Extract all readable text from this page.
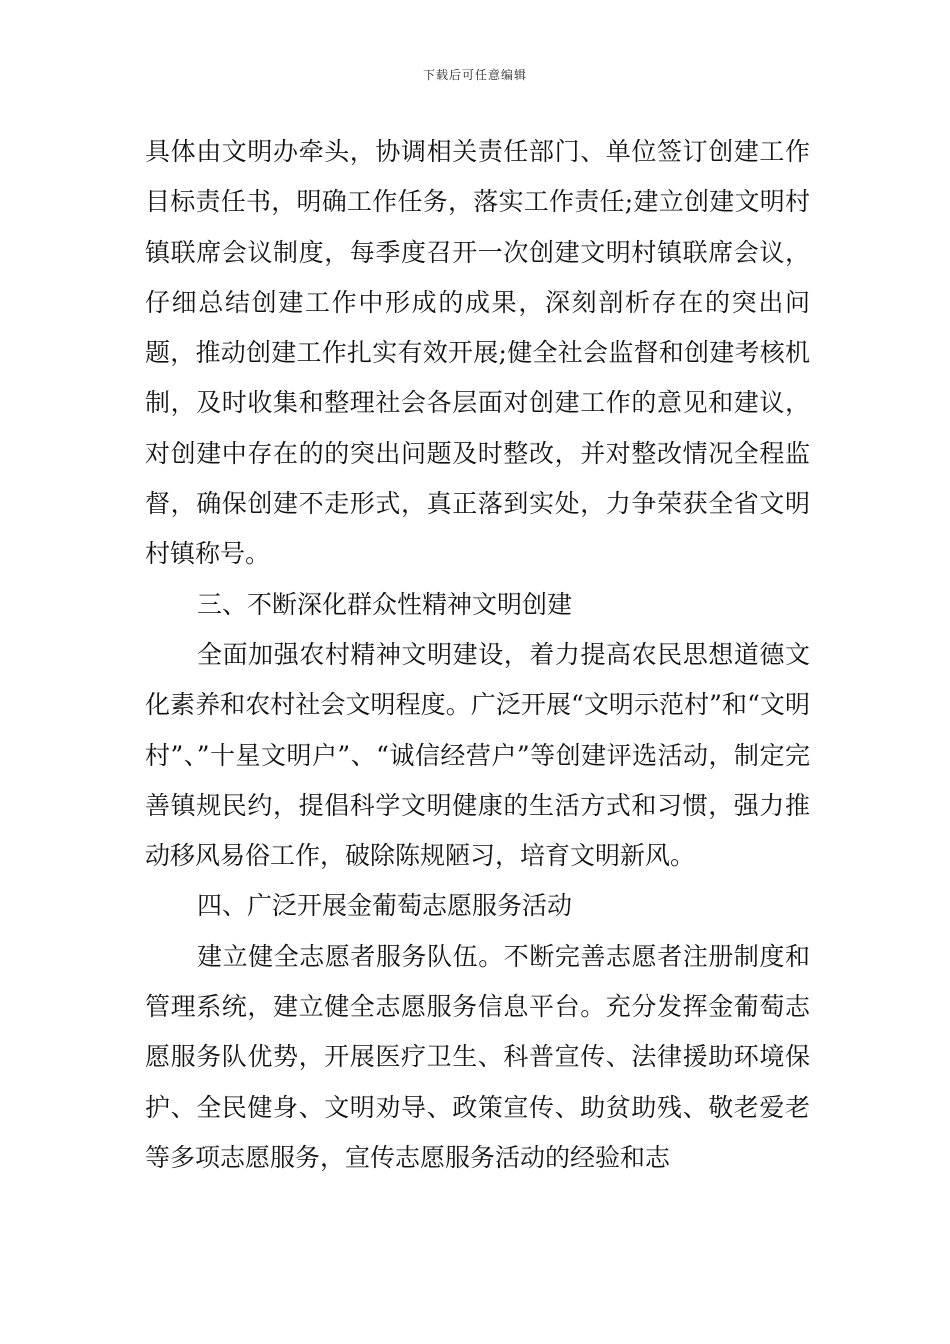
下载后可任意编辑

具体由文明办牵头，协调相关责任部门、单位签订创建工作目标责任书，明确工作任务，落实工作责任;建立创建文明村镇联席会议制度，每季度召开一次创建文明村镇联席会议，仔细总结创建工作中形成的成果，深刻剖析存在的突出问题，推动创建工作扎实有效开展;健全社会监督和创建考核机制，及时收集和整理社会各层面对创建工作的意见和建议，对创建中存在的的突出问题及时整改，并对整改情况全程监督，确保创建不走形式，真正落到实处，力争荣获全省文明村镇称号。

三、不断深化群众性精神文明创建

全面加强农村精神文明建设，着力提高农民思想道德文化素养和农村社会文明程度。广泛开展“文明示范村”和“文明村”、”十星文明户”、“诚信经营户”等创建评选活动，制定完善镇规民约，提倡科学文明健康的生活方式和习惯，强力推动移风易俗工作，破除陈规陋习，培育文明新风。

四、广泛开展金葡萄志愿服务活动

建立健全志愿者服务队伍。不断完善志愿者注册制度和管理系统，建立健全志愿服务信息平台。充分发挥金葡萄志愿服务队优势，开展医疗卫生、科普宣传、法律援助环境保护、全民健身、文明劝导、政策宣传、助贫助残、敬老爱老等多项志愿服务，宣传志愿服务活动的经验和志
